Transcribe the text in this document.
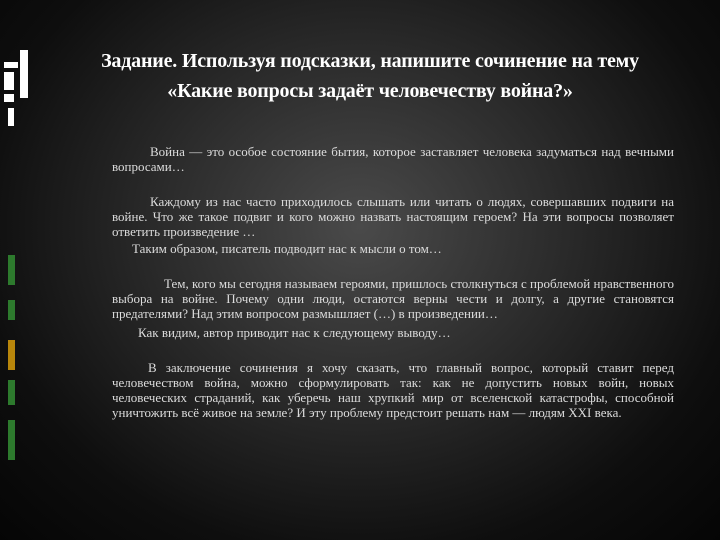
Задание. Используя подсказки, напишите сочинение на тему «Какие вопросы задаёт человечеству война?»

Война — это особое состояние бытия, которое заставляет человека задуматься над вечными вопросами…

Каждому из нас часто приходилось слышать или читать о людях, совершавших подвиги на войне. Что же такое подвиг и кого можно назвать настоящим героем? На эти вопросы позволяет ответить произведение …

Таким образом, писатель подводит нас к мысли о том…

Тем, кого мы сегодня называем героями, пришлось столкнуться с проблемой нравственного выбора на войне. Почему одни люди, остаются верны чести и долгу, а другие становятся предателями? Над этим вопросом размышляет (…) в произведении…

Как видим, автор приводит нас к следующему выводу…

В заключение сочинения я хочу сказать, что главный вопрос, который ставит перед человечеством война, можно сформулировать так: как не допустить новых войн, новых человеческих страданий, как уберечь наш хрупкий мир от вселенской катастрофы, способной уничтожить всё живое на земле? И эту проблему предстоит решать нам — людям XXI века.
